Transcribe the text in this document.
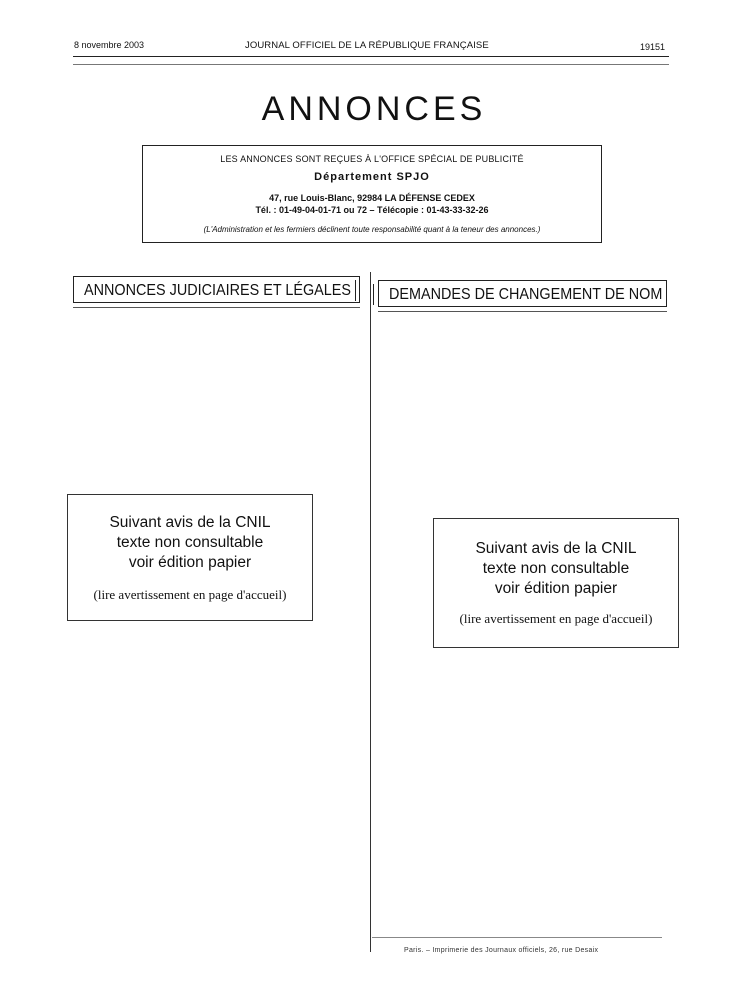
8 novembre 2003	JOURNAL OFFICIEL DE LA RÉPUBLIQUE FRANÇAISE	19151
ANNONCES
LES ANNONCES SONT REÇUES À L'OFFICE SPÉCIAL DE PUBLICITÉ
Département SPJO
47, rue Louis-Blanc, 92984 LA DÉFENSE CEDEX
Tél. : 01-49-04-01-71 ou 72 – Télécopie : 01-43-33-32-26
(L'Administration et les fermiers déclinent toute responsabilité quant à la teneur des annonces.)
ANNONCES JUDICIAIRES ET LÉGALES	DEMANDES DE CHANGEMENT DE NOM
Suivant avis de la CNIL
texte non consultable
voir édition papier
(lire avertissement en page d'accueil)
Suivant avis de la CNIL
texte non consultable
voir édition papier
(lire avertissement en page d'accueil)
Paris. – Imprimerie des Journaux officiels, 26, rue Desaix
